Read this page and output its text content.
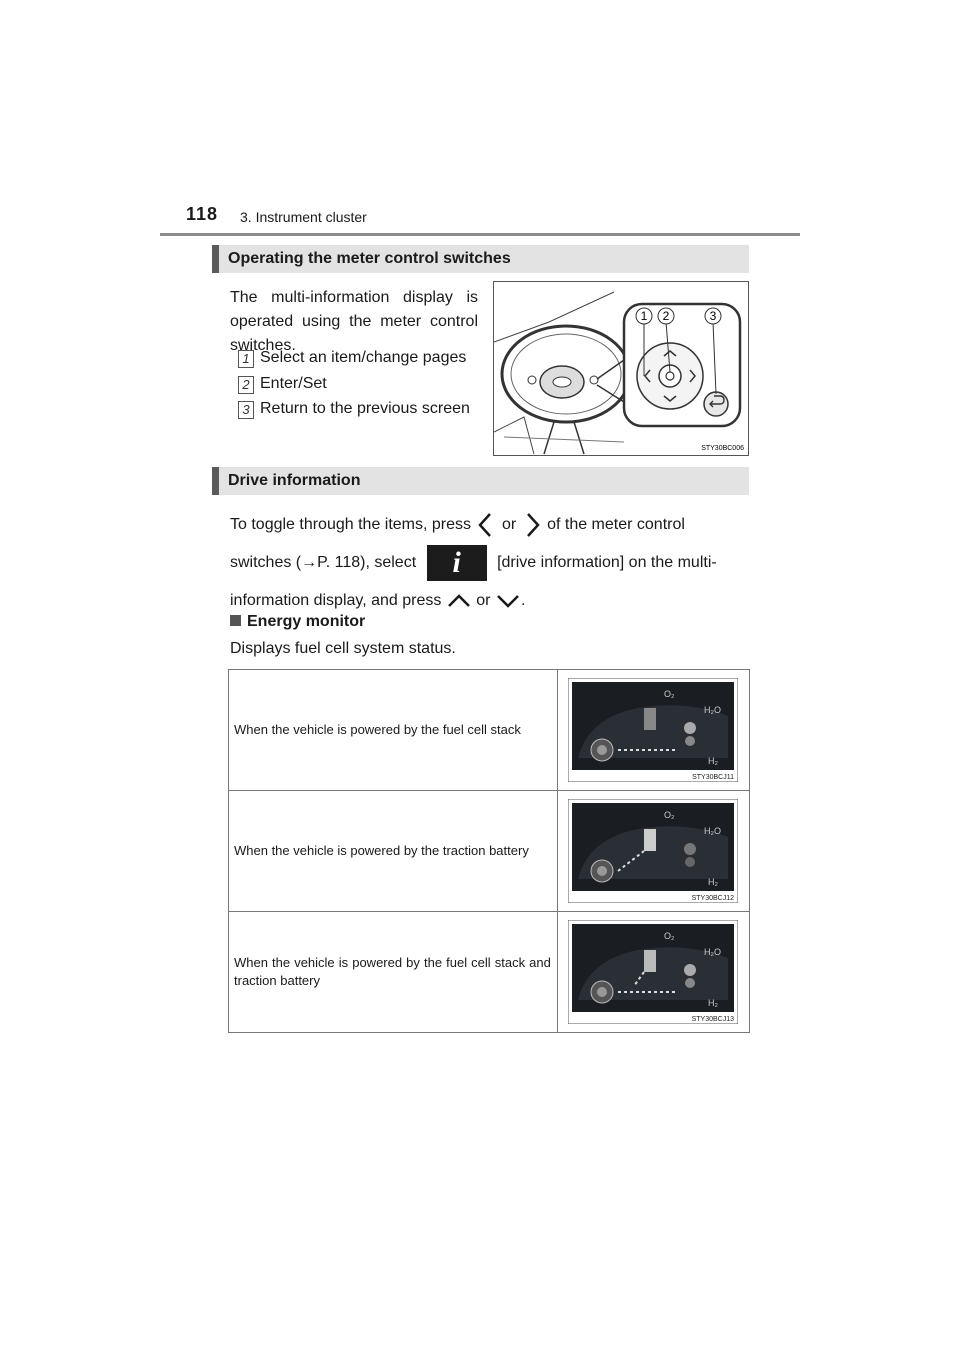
118 3. Instrument cluster
Operating the meter control switches
The multi-information display is operated using the meter control switches.
1 Select an item/change pages
2 Enter/Set
3 Return to the previous screen
1 2	3
STY30BC006
Drive information
To toggle through the items, press or of the meter control switches (→P. 118), select i [drive information] on the multi-information display, and press or .
Energy monitor
Displays fuel cell system status.
When the vehicle is powered by the fuel cell stack	O₂
H₂O
H₂
STY30BCJ11

When the vehicle is powered by the traction battery	O₂
H₂O
H₂
STY30BCJ12

When the vehicle is powered by the fuel cell stack and traction battery	O₂
H₂O
H₂
STY30BCJ13
